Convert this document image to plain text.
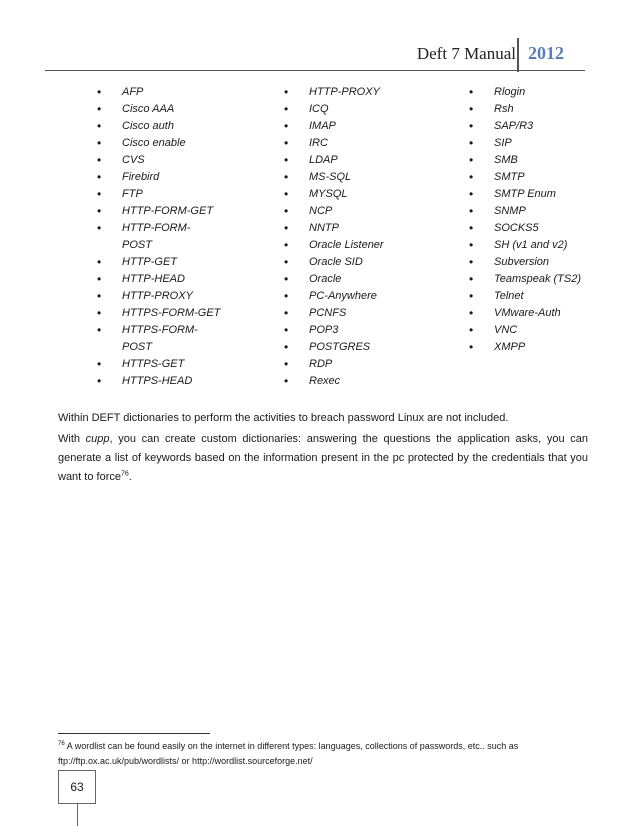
Deft 7 Manual 2012
• AFP
• Cisco AAA
• Cisco auth
• Cisco enable
• CVS
• Firebird
• FTP
• HTTP-FORM-GET
• HTTP-FORM-
POST
• HTTP-GET
• HTTP-HEAD
• HTTP-PROXY
• HTTPS-FORM-GET
• HTTPS-FORM-
POST
• HTTPS-GET
• HTTPS-HEAD
• HTTP-PROXY
• ICQ
• IMAP
• IRC
• LDAP
• MS-SQL
• MYSQL
• NCP
• NNTP
• Oracle Listener
• Oracle SID
• Oracle
• PC-Anywhere
• PCNFS
• POP3
• POSTGRES
• RDP
• Rexec
• Rlogin
• Rsh
• SAP/R3
• SIP
• SMB
• SMTP
• SMTP Enum
• SNMP
• SOCKS5
• SH (v1 and v2)
• Subversion
• Teamspeak (TS2)
• Telnet
• VMware-Auth
• VNC
• XMPP

Within DEFT dictionaries to perform the activities to breach password Linux are not included.

With cupp, you can create custom dictionaries: answering the questions the application asks, you can generate a list of keywords based on the information present in the pc protected by the credentials that you want to force$^{76}$.

$^{76}$ A wordlist can be found easily on the internet in different types: languages, collections of passwords, etc.. such as ftp://ftp.ox.ac.uk/pub/wordlists/ or http://wordlist.sourceforge.net/

63
